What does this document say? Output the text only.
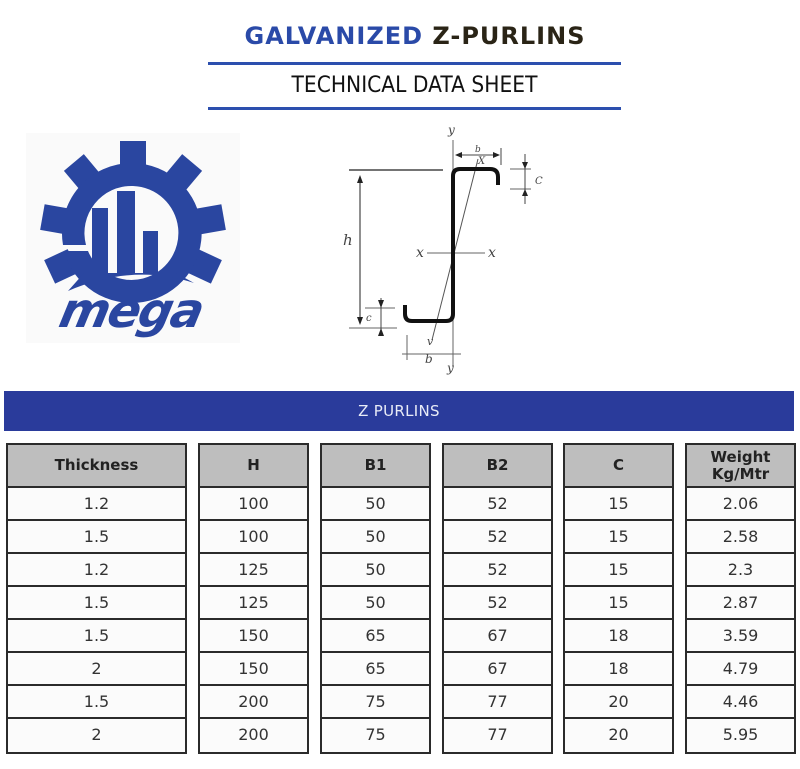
GALVANIZED Z-PURLINS
TECHNICAL DATA SHEET
mega
y
y
b
b
C
c
h
x	x
X
v
Z PURLINS
Thickness
1.2
1.5
1.2
1.5
1.5
2
1.5
2
H
100
100
125
125
150
150
200
200
B1
50
50
50
50
65
65
75
75
B2
52
52
52
52
67
67
77
77
C
15
15
15
15
18
18
20
20
Weight
Kg/Mtr
2.06
2.58
2.3
2.87
3.59
4.79
4.46
5.95
